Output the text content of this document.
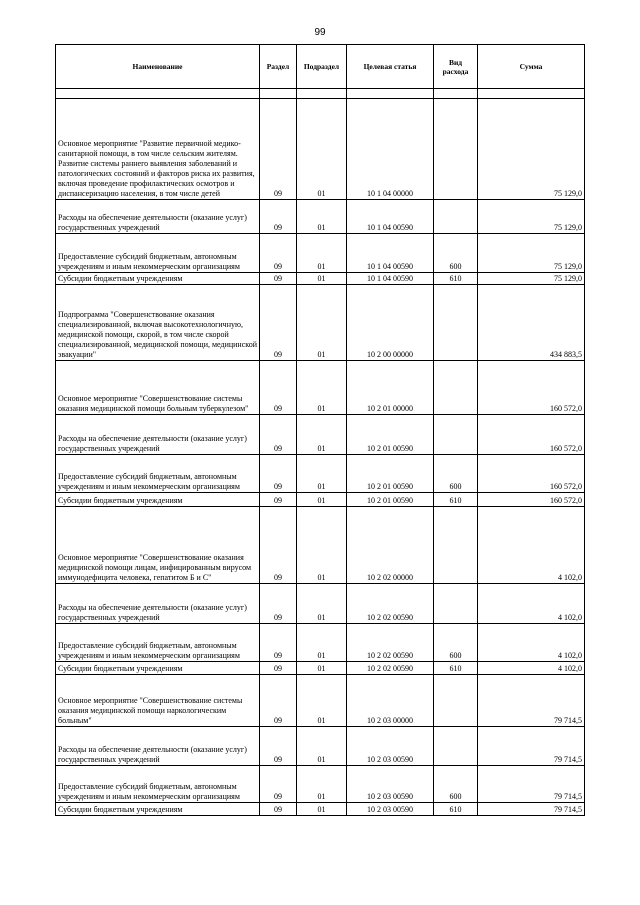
99
Наименование	Раздел	Подраздел	Целевая статья	Вид расхода	Сумма

Основное мероприятие "Развитие первичной медико-санитарной помощи, в том числе сельским жителям. Развитие системы раннего выявления заболеваний и патологических состояний и факторов риска их развития, включая проведение профилактических осмотров и диспансеризацию населения, в том числе детей	09	01	10 1 04 00000		75 129,0
Расходы на обеспечение деятельности (оказание услуг) государственных учреждений	09	01	10 1 04 00590		75 129,0
Предоставление субсидий бюджетным, автономным учреждениям и иным некоммерческим организациям	09	01	10 1 04 00590	600	75 129,0
Субсидии бюджетным учреждениям	09	01	10 1 04 00590	610	75 129,0
Подпрограмма "Совершенствование оказания специализированной, включая высокотехнологичную, медицинской помощи, скорой, в том числе скорой специализированной, медицинской помощи, медицинской эвакуации"	09	01	10 2 00 00000		434 883,5
Основное мероприятие "Совершенствование системы оказания медицинской помощи больным туберкулезом"	09	01	10 2 01 00000		160 572,0
Расходы на обеспечение деятельности (оказание услуг) государственных учреждений	09	01	10 2 01 00590		160 572,0
Предоставление субсидий бюджетным, автономным учреждениям и иным некоммерческим организациям	09	01	10 2 01 00590	600	160 572,0
Субсидии бюджетным учреждениям	09	01	10 2 01 00590	610	160 572,0
Основное мероприятие "Совершенствование оказания медицинской помощи лицам, инфицированным вирусом иммунодефицита человека, гепатитом Б и С"	09	01	10 2 02 00000		4 102,0
Расходы на обеспечение деятельности (оказание услуг) государственных учреждений	09	01	10 2 02 00590		4 102,0
Предоставление субсидий бюджетным, автономным учреждениям и иным некоммерческим организациям	09	01	10 2 02 00590	600	4 102,0
Субсидии бюджетным учреждениям	09	01	10 2 02 00590	610	4 102,0
Основное мероприятие "Совершенствование системы оказания медицинской помощи наркологическим больным"	09	01	10 2 03 00000		79 714,5
Расходы на обеспечение деятельности (оказание услуг) государственных учреждений	09	01	10 2 03 00590		79 714,5
Предоставление субсидий бюджетным, автономным учреждениям и иным некоммерческим организациям	09	01	10 2 03 00590	600	79 714,5
Субсидии бюджетным учреждениям	09	01	10 2 03 00590	610	79 714,5
